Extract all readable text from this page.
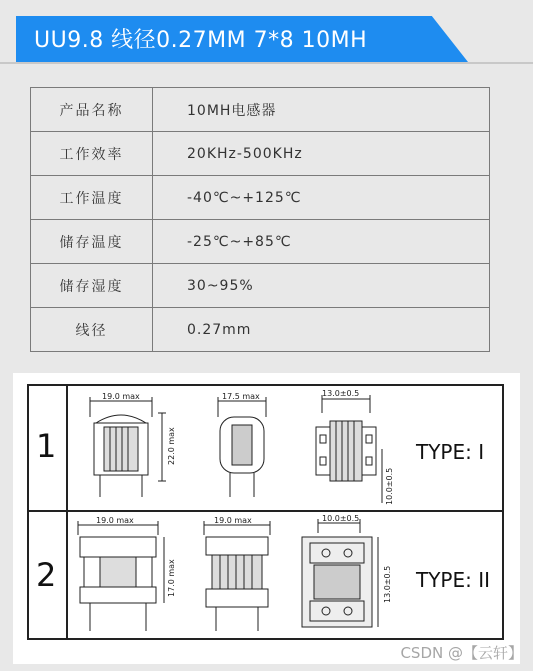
UU9.8 线径0.27MM 7*8 10MH
产品名称	10MH电感器
工作效率	20KHz-500KHz
工作温度	-40℃~+125℃
储存温度	-25℃~+85℃
储存湿度	30~95%
线径	0.27mm
1
2
TYPE: I
TYPE: II
19.0 max
22.0 max
17.5 max	13.0±0.5
10.0±0.5
19.0 max
17.0 max
19.0 max	10.0±0.5
13.0±0.5
CSDN @【云轩】
